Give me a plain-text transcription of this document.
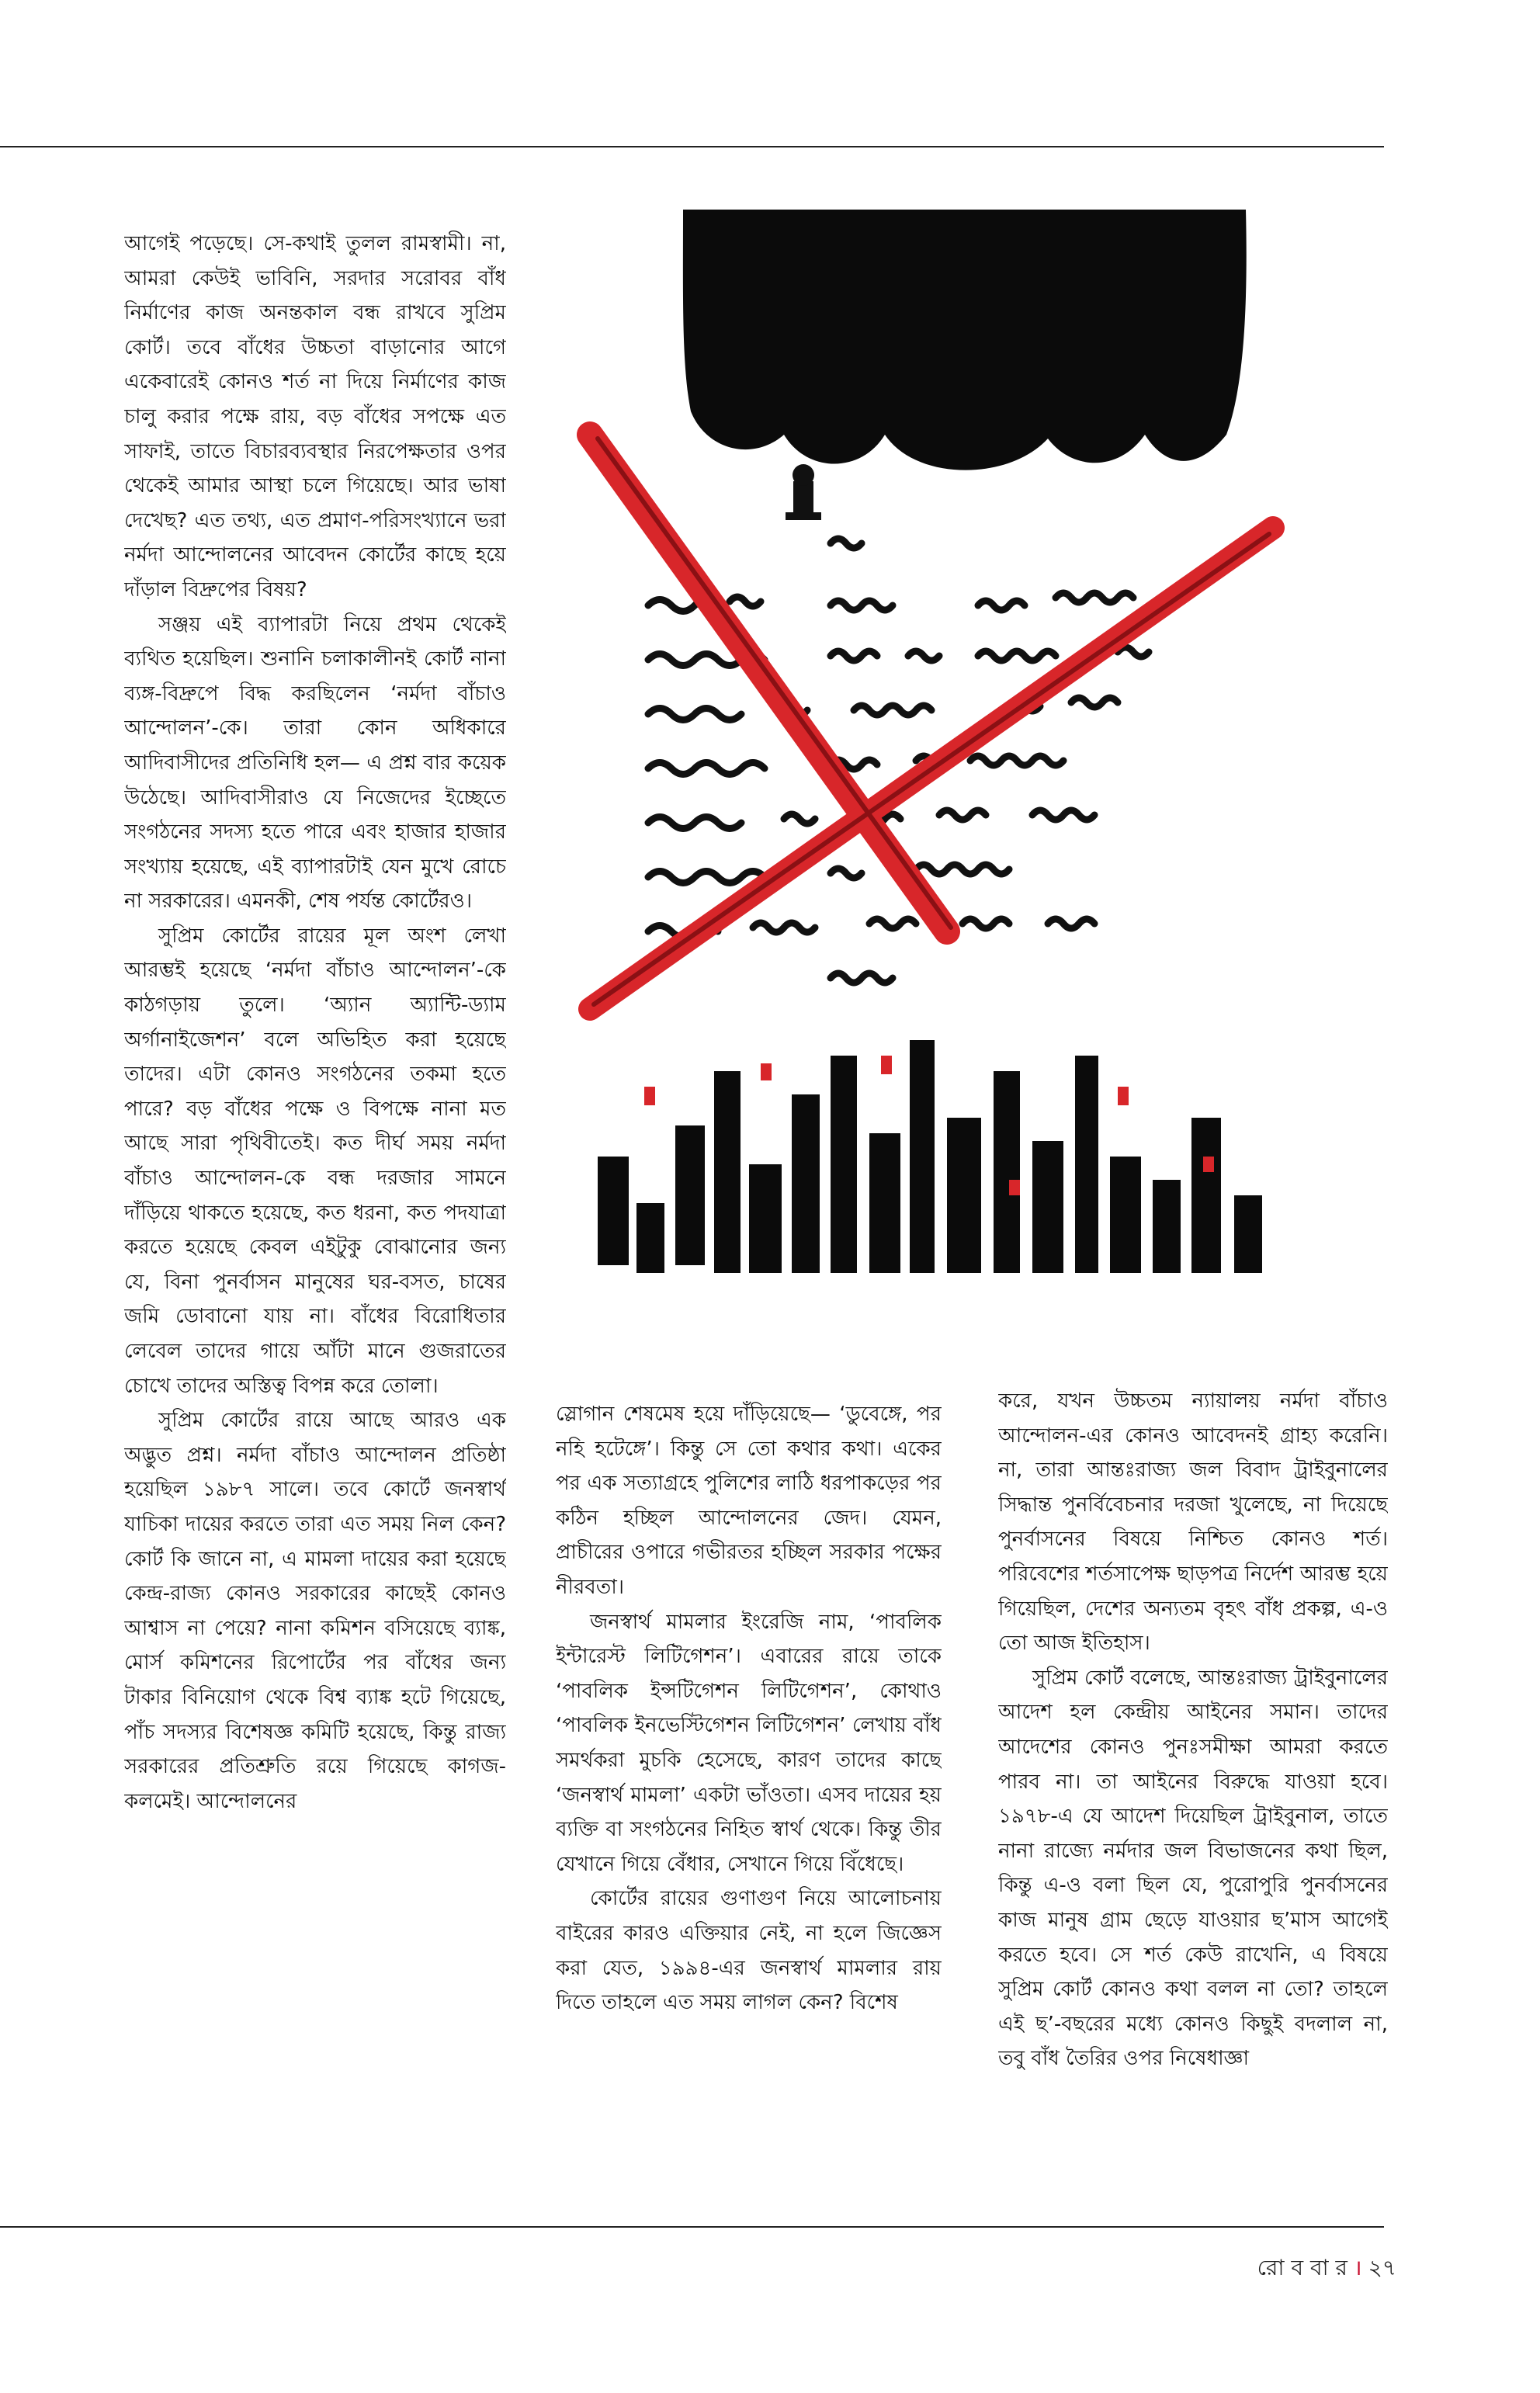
আগেই পড়েছে। সে-কথাই তুলল রামস্বামী। না, আমরা কেউই ভাবিনি, সরদার সরোবর বাঁধ নির্মাণের কাজ অনন্তকাল বন্ধ রাখবে সুপ্রিম কোর্ট। তবে বাঁধের উচ্চতা বাড়ানোর আগে একেবারেই কোনও শর্ত না দিয়ে নির্মাণের কাজ চালু করার পক্ষে রায়, বড় বাঁধের সপক্ষে এত সাফাই, তাতে বিচারব্যবস্থার নিরপেক্ষতার ওপর থেকেই আমার আস্থা চলে গিয়েছে। আর ভাষা দেখেছ? এত তথ্য, এত প্রমাণ-পরিসংখ্যানে ভরা নর্মদা আন্দোলনের আবেদন কোর্টের কাছে হয়ে দাঁড়াল বিদ্রুপের বিষয়?

সঞ্জয় এই ব্যাপারটা নিয়ে প্রথম থেকেই ব্যথিত হয়েছিল। শুনানি চলাকালীনই কোর্ট নানা ব্যঙ্গ-বিদ্রুপে বিদ্ধ করছিলেন ‘নর্মদা বাঁচাও আন্দোলন’-কে। তারা কোন অধিকারে আদিবাসীদের প্রতিনিধি হল— এ প্রশ্ন বার কয়েক উঠেছে। আদিবাসীরাও যে নিজেদের ইচ্ছেতে সংগঠনের সদস্য হতে পারে এবং হাজার হাজার সংখ্যায় হয়েছে, এই ব্যাপারটাই যেন মুখে রোচে না সরকারের। এমনকী, শেষ পর্যন্ত কোর্টেরও।

সুপ্রিম কোর্টের রায়ের মূল অংশ লেখা আরম্ভই হয়েছে ‘নর্মদা বাঁচাও আন্দোলন’-কে কাঠগড়ায় তুলে। ‘অ্যান অ্যান্টি-ড্যাম অর্গানাইজেশন’ বলে অভিহিত করা হয়েছে তাদের। এটা কোনও সংগঠনের তকমা হতে পারে? বড় বাঁধের পক্ষে ও বিপক্ষে নানা মত আছে সারা পৃথিবীতেই। কত দীর্ঘ সময় নর্মদা বাঁচাও আন্দোলন-কে বন্ধ দরজার সামনে দাঁড়িয়ে থাকতে হয়েছে, কত ধরনা, কত পদযাত্রা করতে হয়েছে কেবল এইটুকু বোঝানোর জন্য যে, বিনা পুনর্বাসন মানুষের ঘর-বসত, চাষের জমি ডোবানো যায় না। বাঁধের বিরোধিতার লেবেল তাদের গায়ে আঁটা মানে গুজরাতের চোখে তাদের অস্তিত্ব বিপন্ন করে তোলা।

সুপ্রিম কোর্টের রায়ে আছে আরও এক অদ্ভুত প্রশ্ন। নর্মদা বাঁচাও আন্দোলন প্রতিষ্ঠা হয়েছিল ১৯৮৭ সালে। তবে কোর্টে জনস্বার্থ যাচিকা দায়ের করতে তারা এত সময় নিল কেন? কোর্ট কি জানে না, এ মামলা দায়ের করা হয়েছে কেন্দ্র-রাজ্য কোনও সরকারের কাছেই কোনও আশ্বাস না পেয়ে? নানা কমিশন বসিয়েছে ব্যাঙ্ক, মোর্স কমিশনের রিপোর্টের পর বাঁধের জন্য টাকার বিনিয়োগ থেকে বিশ্ব ব্যাঙ্ক হটে গিয়েছে, পাঁচ সদস্যর বিশেষজ্ঞ কমিটি হয়েছে, কিন্তু রাজ্য সরকারের প্রতিশ্রুতি রয়ে গিয়েছে কাগজ-কলমেই। আন্দোলনের

স্লোগান শেষমেষ হয়ে দাঁড়িয়েছে— ‘ডুবেঙ্গে, পর নহি হটেঙ্গে’। কিন্তু সে তো কথার কথা। একের পর এক সত্যাগ্রহে পুলিশের লাঠি ধরপাকড়ের পর কঠিন হচ্ছিল আন্দোলনের জেদ। যেমন, প্রাচীরের ওপারে গভীরতর হচ্ছিল সরকার পক্ষের নীরবতা।

জনস্বার্থ মামলার ইংরেজি নাম, ‘পাবলিক ইন্টারেস্ট লিটিগেশন’। এবারের রায়ে তাকে ‘পাবলিক ইন্সটিগেশন লিটিগেশন’, কোথাও ‘পাবলিক ইনভেস্টিগেশন লিটিগেশন’ লেখায় বাঁধ সমর্থকরা মুচকি হেসেছে, কারণ তাদের কাছে ‘জনস্বার্থ মামলা’ একটা ভাঁওতা। এসব দায়ের হয় ব্যক্তি বা সংগঠনের নিহিত স্বার্থ থেকে। কিন্তু তীর যেখানে গিয়ে বেঁধার, সেখানে গিয়ে বিঁধেছে।

কোর্টের রায়ের গুণাগুণ নিয়ে আলোচনায় বাইরের কারও এক্তিয়ার নেই, না হলে জিজ্ঞেস করা যেত, ১৯৯৪-এর জনস্বার্থ মামলার রায় দিতে তাহলে এত সময় লাগল কেন? বিশেষ

করে, যখন উচ্চতম ন্যায়ালয় নর্মদা বাঁচাও আন্দোলন-এর কোনও আবেদনই গ্রাহ্য করেনি। না, তারা আন্তঃরাজ্য জল বিবাদ ট্রাইবুনালের সিদ্ধান্ত পুনর্বিবেচনার দরজা খুলেছে, না দিয়েছে পুনর্বাসনের বিষয়ে নিশ্চিত কোনও শর্ত। পরিবেশের শর্তসাপেক্ষ ছাড়পত্র নির্দেশ আরম্ভ হয়ে গিয়েছিল, দেশের অন্যতম বৃহৎ বাঁধ প্রকল্প, এ-ও তো আজ ইতিহাস।

সুপ্রিম কোর্ট বলেছে, আন্তঃরাজ্য ট্রাইবুনালের আদেশ হল কেন্দ্রীয় আইনের সমান। তাদের আদেশের কোনও পুনঃসমীক্ষা আমরা করতে পারব না। তা আইনের বিরুদ্ধে যাওয়া হবে। ১৯৭৮-এ যে আদেশ দিয়েছিল ট্রাইবুনাল, তাতে নানা রাজ্যে নর্মদার জল বিভাজনের কথা ছিল, কিন্তু এ-ও বলা ছিল যে, পুরোপুরি পুনর্বাসনের কাজ মানুষ গ্রাম ছেড়ে যাওয়ার ছ’মাস আগেই করতে হবে। সে শর্ত কেউ রাখেনি, এ বিষয়ে সুপ্রিম কোর্ট কোনও কথা বলল না তো? তাহলে এই ছ’-বছরের মধ্যে কোনও কিছুই বদলাল না, তবু বাঁধ তৈরির ওপর নিষেধাজ্ঞা

রো ব বা র । ২৭
